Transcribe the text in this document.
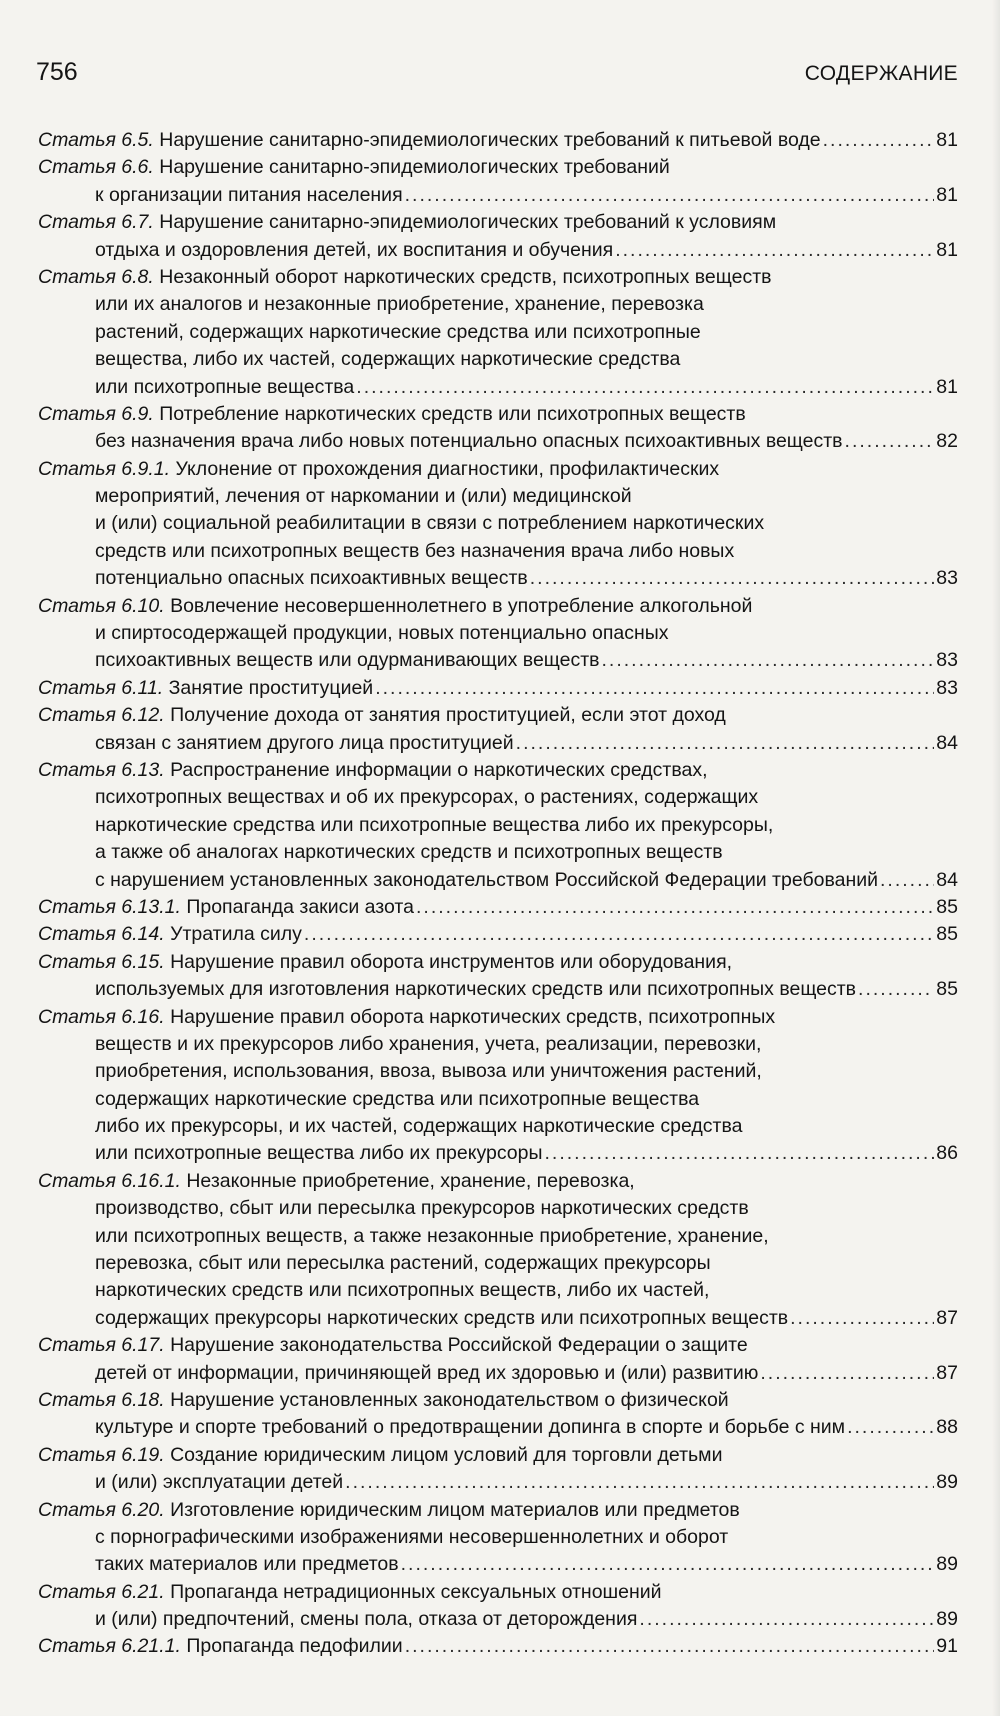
756	СОДЕРЖАНИЕ
Статья 6.5. Нарушение санитарно-эпидемиологических требований к питьевой воде .....	81
Статья 6.6. Нарушение санитарно-эпидемиологических требований
к организации питания населения .....	81
Статья 6.7. Нарушение санитарно-эпидемиологических требований к условиям
отдыха и оздоровления детей, их воспитания и обучения .....	81
Статья 6.8. Незаконный оборот наркотических средств, психотропных веществ
или их аналогов и незаконные приобретение, хранение, перевозка
растений, содержащих наркотические средства или психотропные
вещества, либо их частей, содержащих наркотические средства
или психотропные вещества .....	81
Статья 6.9. Потребление наркотических средств или психотропных веществ
без назначения врача либо новых потенциально опасных психоактивных веществ .....	82
Статья 6.9.1. Уклонение от прохождения диагностики, профилактических
мероприятий, лечения от наркомании и (или) медицинской
и (или) социальной реабилитации в связи с потреблением наркотических
средств или психотропных веществ без назначения врача либо новых
потенциально опасных психоактивных веществ .....	83
Статья 6.10. Вовлечение несовершеннолетнего в употребление алкогольной
и спиртосодержащей продукции, новых потенциально опасных
психоактивных веществ или одурманивающих веществ .....	83
Статья 6.11. Занятие проституцией .....	83
Статья 6.12. Получение дохода от занятия проституцией, если этот доход
связан с занятием другого лица проституцией .....	84
Статья 6.13. Распространение информации о наркотических средствах,
психотропных веществах и об их прекурсорах, о растениях, содержащих
наркотические средства или психотропные вещества либо их прекурсоры,
а также об аналогах наркотических средств и психотропных веществ
с нарушением установленных законодательством Российской Федерации требований .....	84
Статья 6.13.1. Пропаганда закиси азота .....	85
Статья 6.14. Утратила силу .....	85
Статья 6.15. Нарушение правил оборота инструментов или оборудования,
используемых для изготовления наркотических средств или психотропных веществ .....	85
Статья 6.16. Нарушение правил оборота наркотических средств, психотропных
веществ и их прекурсоров либо хранения, учета, реализации, перевозки,
приобретения, использования, ввоза, вывоза или уничтожения растений,
содержащих наркотические средства или психотропные вещества
либо их прекурсоры, и их частей, содержащих наркотические средства
или психотропные вещества либо их прекурсоры .....	86
Статья 6.16.1. Незаконные приобретение, хранение, перевозка,
производство, сбыт или пересылка прекурсоров наркотических средств
или психотропных веществ, а также незаконные приобретение, хранение,
перевозка, сбыт или пересылка растений, содержащих прекурсоры
наркотических средств или психотропных веществ, либо их частей,
содержащих прекурсоры наркотических средств или психотропных веществ .....	87
Статья 6.17. Нарушение законодательства Российской Федерации о защите
детей от информации, причиняющей вред их здоровью и (или) развитию .....	87
Статья 6.18. Нарушение установленных законодательством о физической
культуре и спорте требований о предотвращении допинга в спорте и борьбе с ним .....	88
Статья 6.19. Создание юридическим лицом условий для торговли детьми
и (или) эксплуатации детей .....	89
Статья 6.20. Изготовление юридическим лицом материалов или предметов
с порнографическими изображениями несовершеннолетних и оборот
таких материалов или предметов .....	89
Статья 6.21. Пропаганда нетрадиционных сексуальных отношений
и (или) предпочтений, смены пола, отказа от деторождения .....	89
Статья 6.21.1. Пропаганда педофилии .....	91
